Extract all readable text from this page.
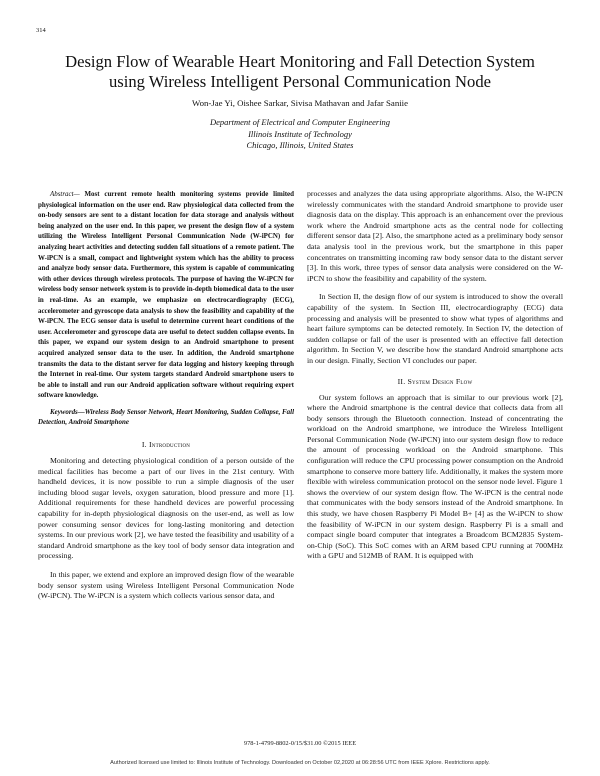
314
Design Flow of Wearable Heart Monitoring and Fall Detection System
using Wireless Intelligent Personal Communication Node
Won-Jae Yi, Oishee Sarkar, Sivisa Mathavan and Jafar Saniie
Department of Electrical and Computer Engineering
Illinois Institute of Technology
Chicago, Illinois, United States

Abstract— Most current remote health monitoring systems provide limited physiological information on the user end. Raw physiological data collected from the on-body sensors are sent to a distant location for data storage and analysis without being analyzed on the user end. In this paper, we present the design flow of a system utilizing the Wireless Intelligent Personal Communication Node (W-iPCN) for analyzing heart activities and detecting sudden fall situations of a remote patient. The W-iPCN is a small, compact and lightweight system which has the ability to process and analyze body sensor data. Furthermore, this system is capable of communicating with other devices through wireless protocols. The purpose of having the W-iPCN for wireless body sensor network system is to provide in-depth biomedical data to the user in real-time. As an example, we emphasize on electrocardiography (ECG), accelerometer and gyroscope data analysis to show the feasibility and capability of the W-iPCN. The ECG sensor data is useful to determine current heart conditions of the user. Accelerometer and gyroscope data are useful to detect sudden collapse events. In this paper, we expand our system design to an Android smartphone to present acquired analyzed sensor data to the user. In addition, the Android smartphone transmits the data to the distant server for data logging and history keeping through the Internet in real-time. Our system targets standard Android smartphone users to be able to install and run our Android application software without requiring expert software knowledge.

Keywords—Wireless Body Sensor Network, Heart Monitoring, Sudden Collapse, Fall Detection, Android Smartphone

I. Introduction

Monitoring and detecting physiological condition of a person outside of the medical facilities has become a part of our lives in the 21st century. With handheld devices, it is now possible to run a simple diagnosis of the user including blood sugar levels, oxygen saturation, blood pressure and more [1]. Additional requirements for these handheld devices are powerful processing capability for in-depth physiological diagnosis on the user-end, as well as low power consuming sensor devices for long-lasting monitoring and detection systems. In our previous work [2], we have tested the feasibility and usability of a standard Android smartphone as the key tool of body sensor data integration and processing.

In this paper, we extend and explore an improved design flow of the wearable body sensor system using Wireless Intelligent Personal Communication Node (W-iPCN). The W-iPCN is a system which collects various sensor data, and

processes and analyzes the data using appropriate algorithms. Also, the W-iPCN wirelessly communicates with the standard Android smartphone to provide user diagnosis data on the display. This approach is an enhancement over the previous work where the Android smartphone acts as the central node for collecting different sensor data [2]. Also, the smartphone acted as a preliminary body sensor data analysis tool in the previous work, but the smartphone in this paper concentrates on transmitting incoming raw body sensor data to the distant server [3]. In this work, three types of sensor data analysis were considered on the W-iPCN to show the feasibility and capability of the system.

In Section II, the design flow of our system is introduced to show the overall capability of the system. In Section III, electrocardiography (ECG) data processing and analysis will be presented to show what types of algorithms and heart failure symptoms can be detected remotely. In Section IV, the detection of sudden collapse or fall of the user is presented with an effective fall detection algorithm. In Section V, we describe how the standard Android smartphone acts in our design. Finally, Section VI concludes our paper.

II. System Design Flow

Our system follows an approach that is similar to our previous work [2], where the Android smartphone is the central device that collects data from all body sensors through the Bluetooth connection. Instead of concentrating the workload on the Android smartphone, we introduce the Wireless Intelligent Personal Communication Node (W-iPCN) into our system design flow to reduce the amount of processing workload on the Android smartphone. This configuration will reduce the CPU processing power consumption on the Android smartphone to conserve more battery life. Additionally, it makes the system more flexible with wireless communication protocol on the sensor node level. Figure 1 shows the overview of our system design flow. The W-iPCN is the central node that communicates with the body sensors instead of the Android smartphone. In this study, we have chosen Raspberry Pi Model B+ [4] as the W-iPCN to show the feasibility of W-iPCN in our system design. Raspberry Pi is a small and compact single board computer that integrates a Broadcom BCM2835 System-on-Chip (SoC). This SoC comes with an ARM based CPU running at 700MHz with a GPU and 512MB of RAM. It is equipped with

978-1-4799-8802-0/15/$31.00 ©2015 IEEE
Authorized licensed use limited to: Illinois Institute of Technology. Downloaded on October 02,2020 at 06:28:56 UTC from IEEE Xplore. Restrictions apply.
